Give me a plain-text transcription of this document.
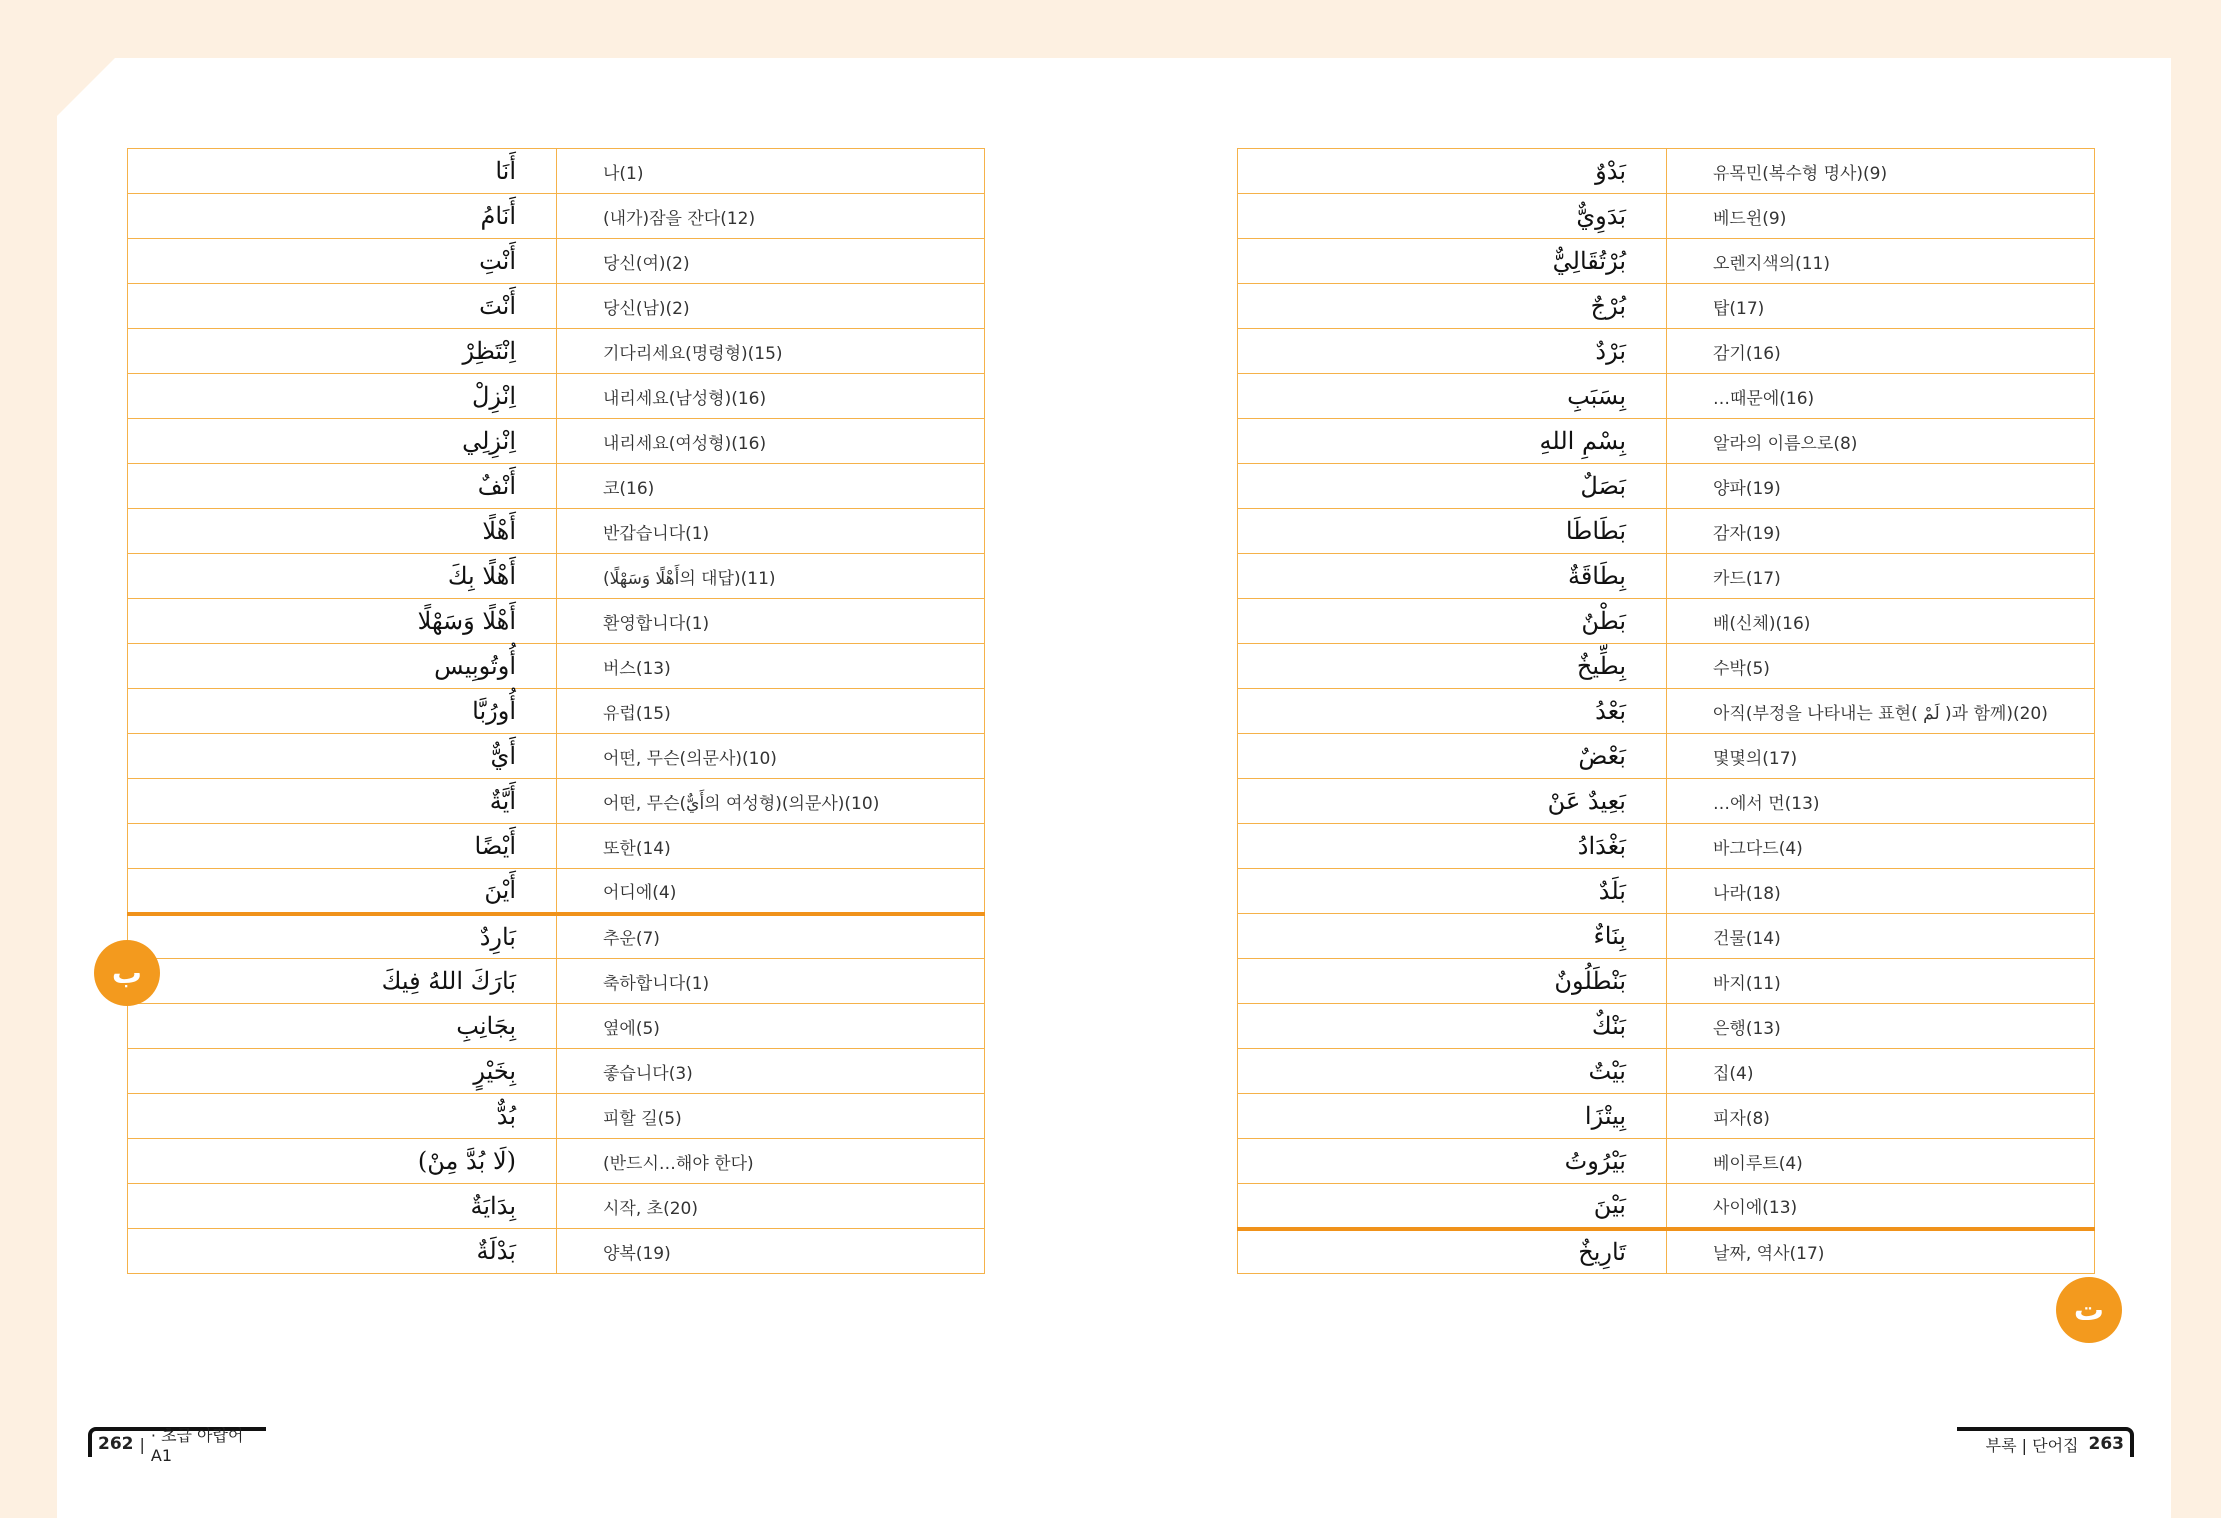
أَنَا	나(1)
أَنَامُ	(내가)잠을 잔다(12)
أَنْتِ	당신(여)(2)
أَنْتَ	당신(남)(2)
اِنْتَظِرْ	기다리세요(명령형)(15)
اِنْزِلْ	내리세요(남성형)(16)
اِنْزِلِي	내리세요(여성형)(16)
أَنْفٌ	코(16)
أَهْلًا	반갑습니다(1)
أَهْلًا بِكَ	(أَهْلًا وَسَهْلًا의 대답)(11)
أَهْلًا وَسَهْلًا	환영합니다(1)
أُوتُوبِيس	버스(13)
أُورُبَّا	유럽(15)
أَيٌّ	어떤, 무슨(의문사)(10)
أَيَّةٌ	어떤, 무슨(أَيٌّ의 여성형)(의문사)(10)
أَيْضًا	또한(14)
أَيْنَ	어디에(4)
بَارِدٌ	추운(7)
بَارَكَ اللهُ فِيكَ	축하합니다(1)
بِجَانِبِ	옆에(5)
بِخَيْرٍ	좋습니다(3)
بُدٌّ	피할 길(5)
(لَا بُدَّ مِنْ)	(반드시…해야 한다)
بِدَايَةٌ	시작, 초(20)
بَدْلَةٌ	양복(19)
بَدْوٌ	유목민(복수형 명사)(9)
بَدَوِيٌّ	베드윈(9)
بُرْتُقَالِيٌّ	오렌지색의(11)
بُرْجٌ	탑(17)
بَرْدٌ	감기(16)
بِسَبَبِ	…때문에(16)
بِسْمِ اللهِ	알라의 이름으로(8)
بَصَلٌ	양파(19)
بَطَاطَا	감자(19)
بِطَاقَةٌ	카드(17)
بَطْنٌ	배(신체)(16)
بِطِّيخٌ	수박(5)
بَعْدُ	아직(부정을 나타내는 표현( لَمْ )과 함께)(20)
بَعْضٌ	몇몇의(17)
بَعِيدٌ عَنْ	…에서 먼(13)
بَغْدَادُ	바그다드(4)
بَلَدٌ	나라(18)
بِنَاءٌ	건물(14)
بَنْطَلُونٌ	바지(11)
بَنْكٌ	은행(13)
بَيْتٌ	집(4)
بِيتْزَا	피자(8)
بَيْرُوتُ	베이루트(4)
بَيْنَ	사이에(13)
تَارِيخٌ	날짜, 역사(17)
ب
ت
262 | · 초급 아랍어 A1
부록 | 단어집 263
